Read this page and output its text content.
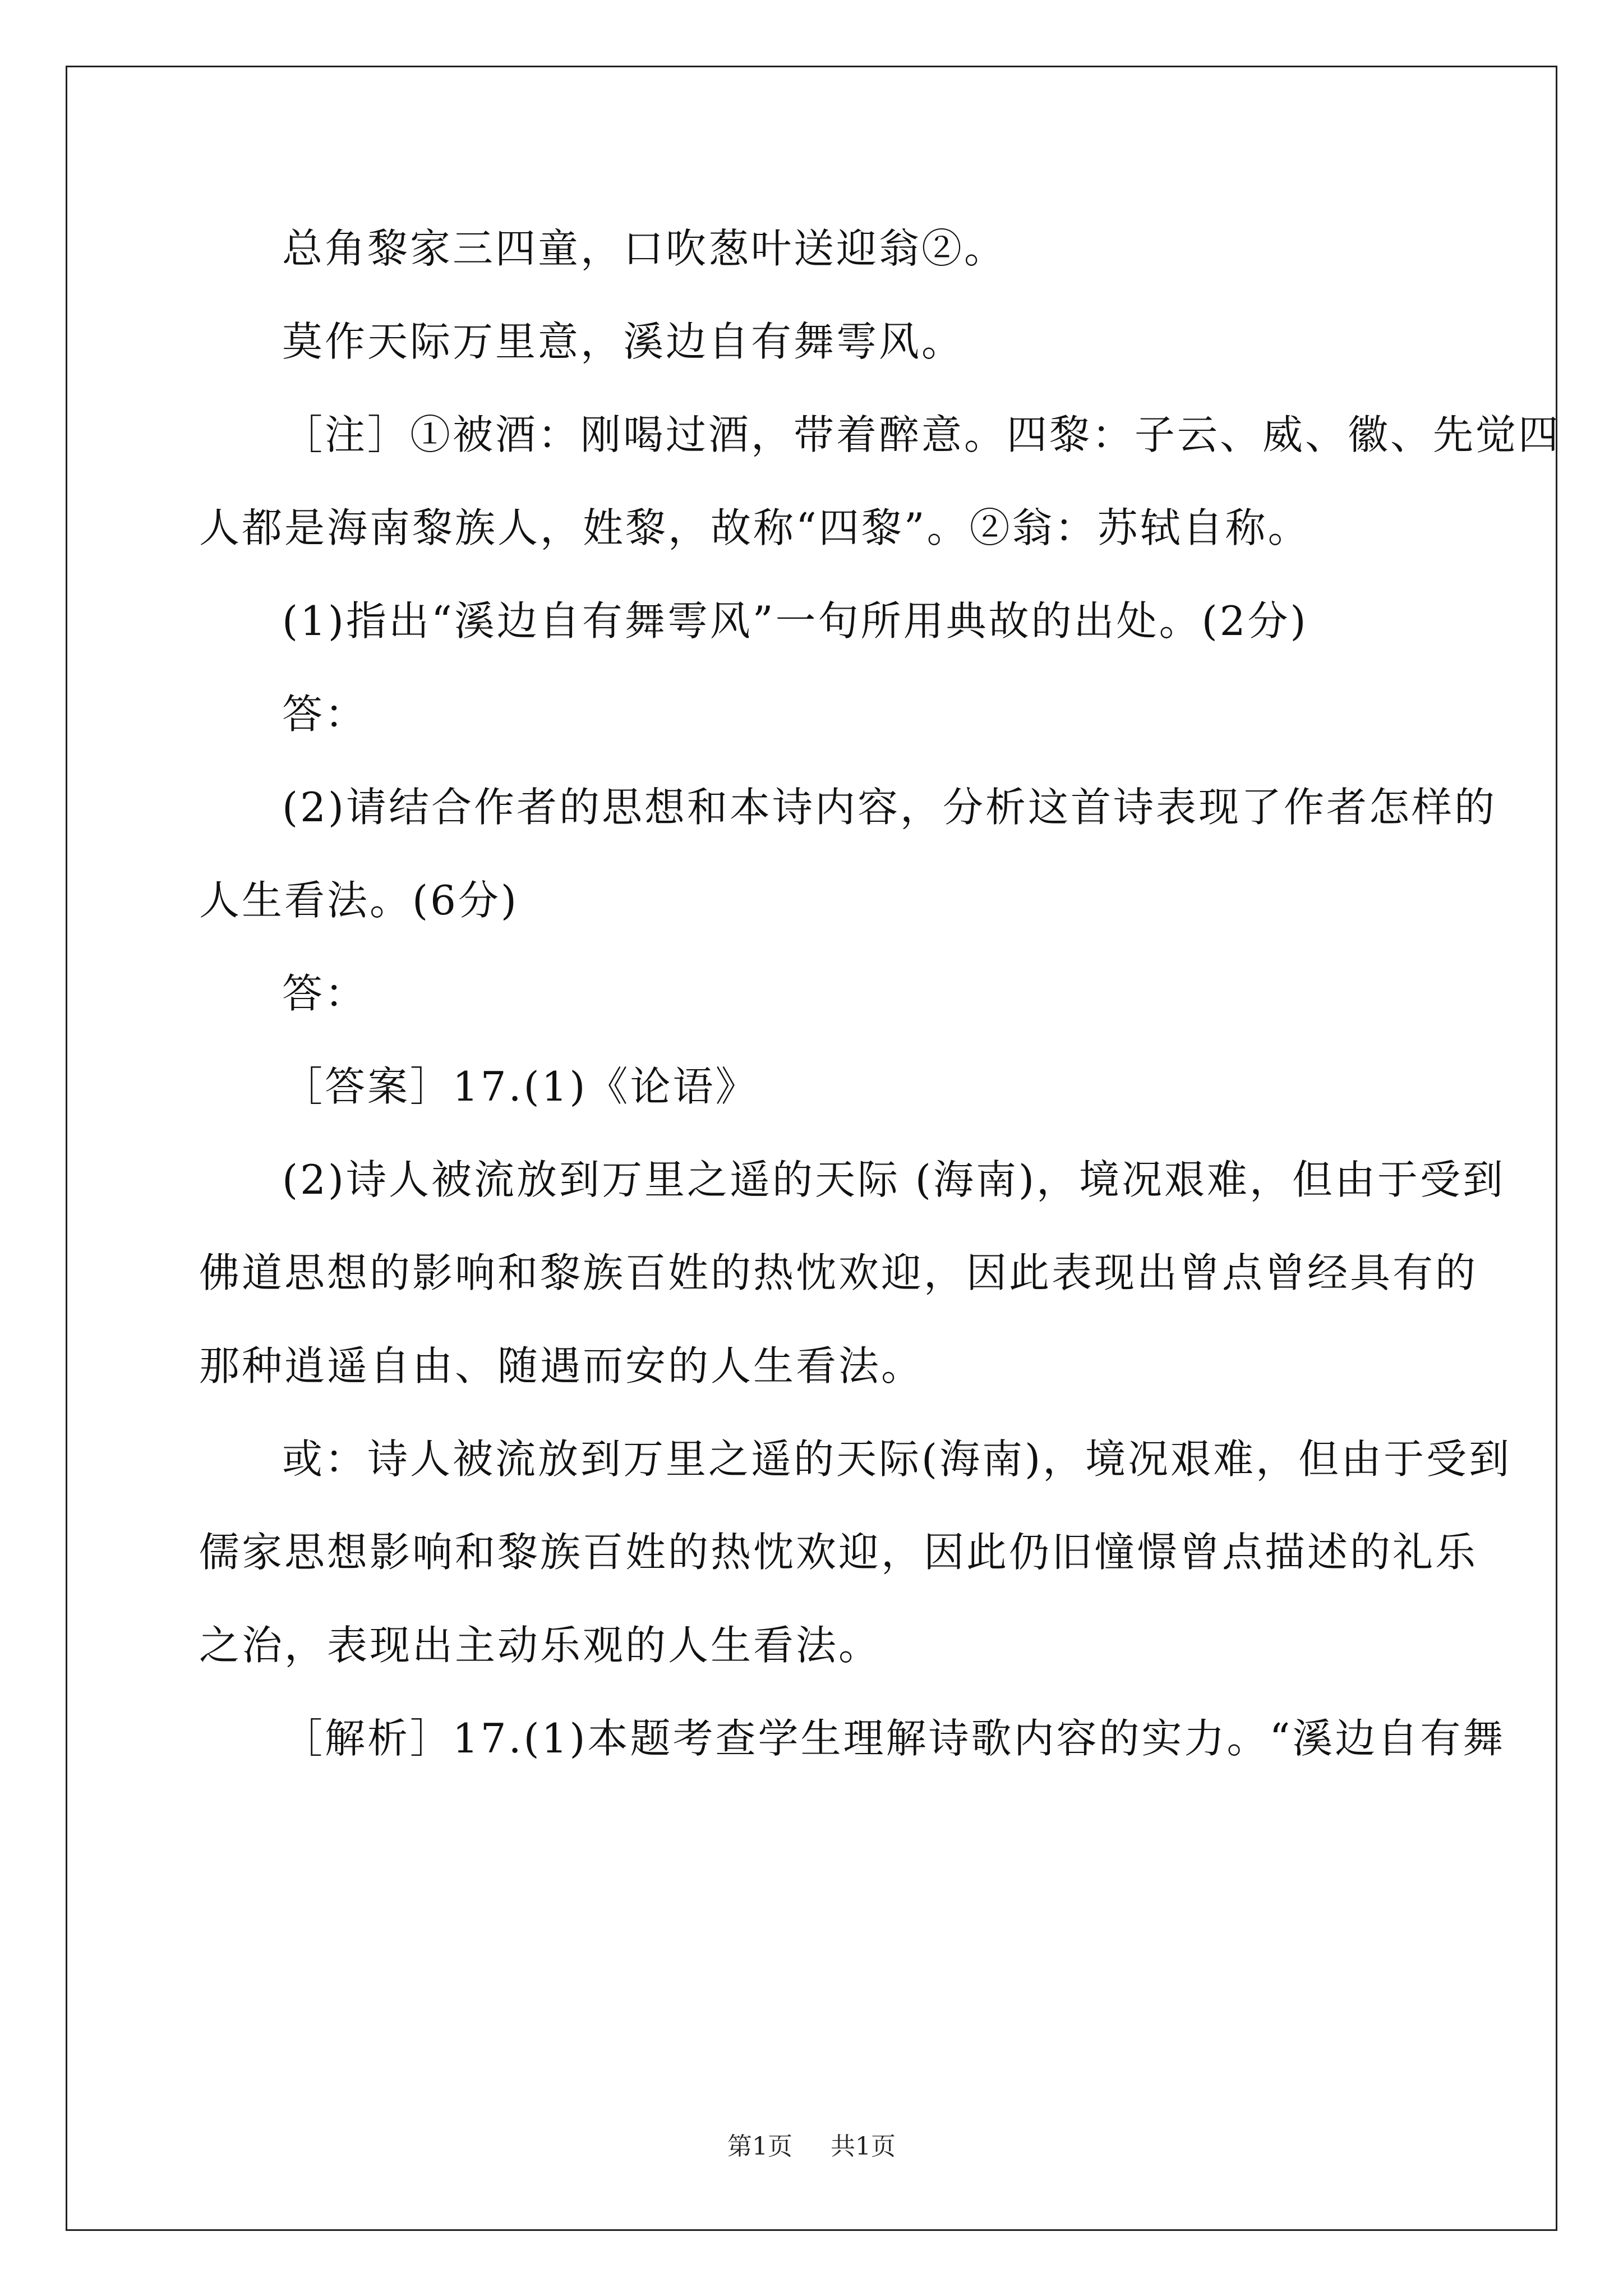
总角黎家三四童，口吹葱叶送迎翁②。

莫作天际万里意，溪边自有舞雩风。

［注］①被酒：刚喝过酒，带着醉意。四黎：子云、威、徽、先觉四

人都是海南黎族人，姓黎，故称“四黎”。②翁：苏轼自称。

(1)指出“溪边自有舞雩风”一句所用典故的出处。(2分)

答：

(2)请结合作者的思想和本诗内容，分析这首诗表现了作者怎样的

人生看法。(6分)

答：

［答案］17.(1)《论语》

(2)诗人被流放到万里之遥的天际 (海南)，境况艰难，但由于受到

佛道思想的影响和黎族百姓的热忱欢迎，因此表现出曾点曾经具有的

那种逍遥自由、随遇而安的人生看法。

或：诗人被流放到万里之遥的天际(海南)，境况艰难，但由于受到

儒家思想影响和黎族百姓的热忱欢迎，因此仍旧憧憬曾点描述的礼乐

之治，表现出主动乐观的人生看法。

［解析］17.(1)本题考查学生理解诗歌内容的实力。“溪边自有舞

第1页 共1页
